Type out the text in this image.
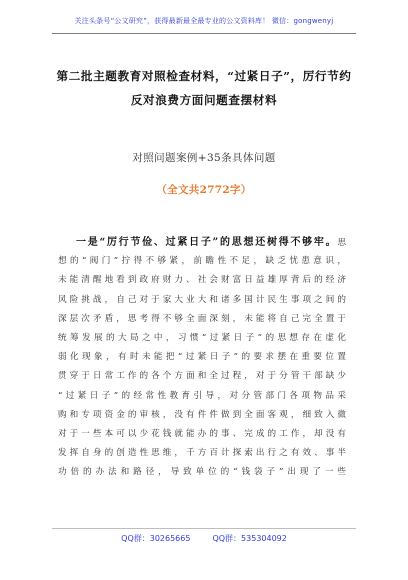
关注头条号“公文研究”，获得最新最全最专业的公文资料库！ 微信：gongwenyj
第二批主题教育对照检查材料，“过紧日子”，厉行节约
反对浪费方面问题查摆材料
对照问题案例+35条具体问题
（全文共2772字）
一是“厉行节俭、过紧日子”的思想还树得不够牢。思
想的“阀门”拧得不够紧，前瞻性不足，缺乏忧患意识，
未能清醒地看到政府财力、社会财富日益雄厚背后的经济
风险挑战，自己对于家大业大和诸多国计民生事项之间的
深层次矛盾，思考得不够全面深刻，未能将自己完全置于
统筹发展的大局之中，习惯“过紧日子”的思想存在虚化
弱化现象，有时未能把“过紧日子”的要求摆在重要位置
贯穿于日常工作的各个方面和全过程，对于分管干部缺少
“过紧日子”的经常性教育引导，对分管部门各项物品采
购和专项资金的审核，没有件件做到全面客观，细致入微
对于一些本可以少花钱就能办的事、完成的工作，却没有
发挥自身的创造性思维，千方百计探索出行之有效、事半
功倍的办法和路径，导致单位的“钱袋子”出现了一些
QQ群：30265665	QQ群：535304092
